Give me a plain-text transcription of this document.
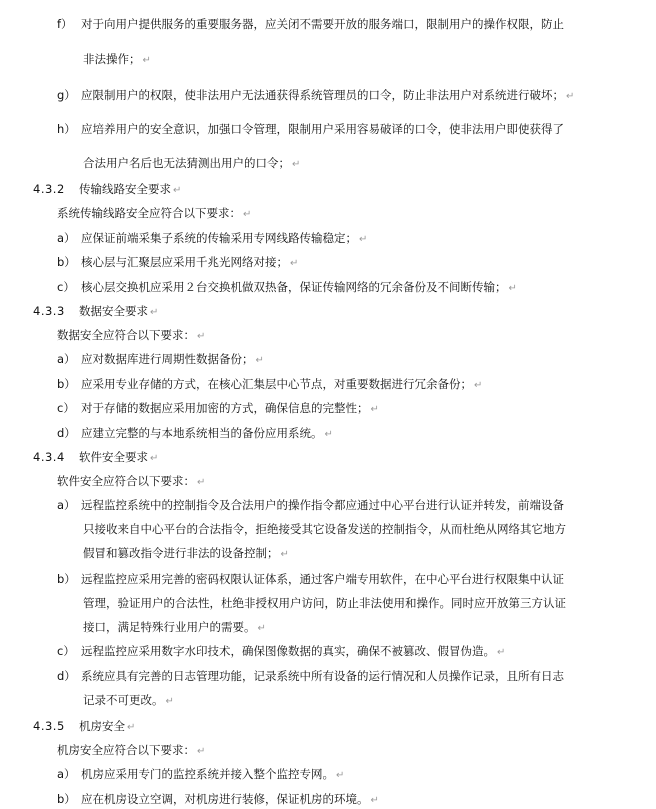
f） 对于向用户提供服务的重要服务器，应关闭不需要开放的服务端口，限制用户的操作权限，防止
非法操作； ↵
g） 应限制用户的权限，使非法用户无法通获得系统管理员的口令，防止非法用户对系统进行破坏； ↵
h） 应培养用户的安全意识，加强口令管理，限制用户采用容易破译的口令，使非法用户即使获得了
合法用户名后也无法猜测出用户的口令； ↵
4.3.2 传输线路安全要求 ↵
系统传输线路安全应符合以下要求： ↵
a） 应保证前端采集子系统的传输采用专网线路传输稳定； ↵
b） 核心层与汇聚层应采用千兆光网络对接； ↵
c） 核心层交换机应采用２台交换机做双热备，保证传输网络的冗余备份及不间断传输； ↵
4.3.3 数据安全要求 ↵
数据安全应符合以下要求： ↵
a） 应对数据库进行周期性数据备份； ↵
b） 应采用专业存储的方式，在核心汇集层中心节点，对重要数据进行冗余备份； ↵
c） 对于存储的数据应采用加密的方式，确保信息的完整性； ↵
d） 应建立完整的与本地系统相当的备份应用系统。 ↵
4.3.4 软件安全要求 ↵
软件安全应符合以下要求： ↵
a） 远程监控系统中的控制指令及合法用户的操作指令都应通过中心平台进行认证并转发，前端设备
只接收来自中心平台的合法指令，拒绝接受其它设备发送的控制指令，从而杜绝从网络其它地方
假冒和篡改指令进行非法的设备控制； ↵
b） 远程监控应采用完善的密码权限认证体系，通过客户端专用软件，在中心平台进行权限集中认证
管理，验证用户的合法性，杜绝非授权用户访问，防止非法使用和操作。同时应开放第三方认证
接口，满足特殊行业用户的需要。 ↵
c） 远程监控应采用数字水印技术，确保图像数据的真实，确保不被篡改、假冒伪造。 ↵
d） 系统应具有完善的日志管理功能，记录系统中所有设备的运行情况和人员操作记录，且所有日志
记录不可更改。 ↵
4.3.5 机房安全 ↵
机房安全应符合以下要求： ↵
a） 机房应采用专门的监控系统并接入整个监控专网。 ↵
b） 应在机房设立空调，对机房进行装修，保证机房的环境。 ↵
